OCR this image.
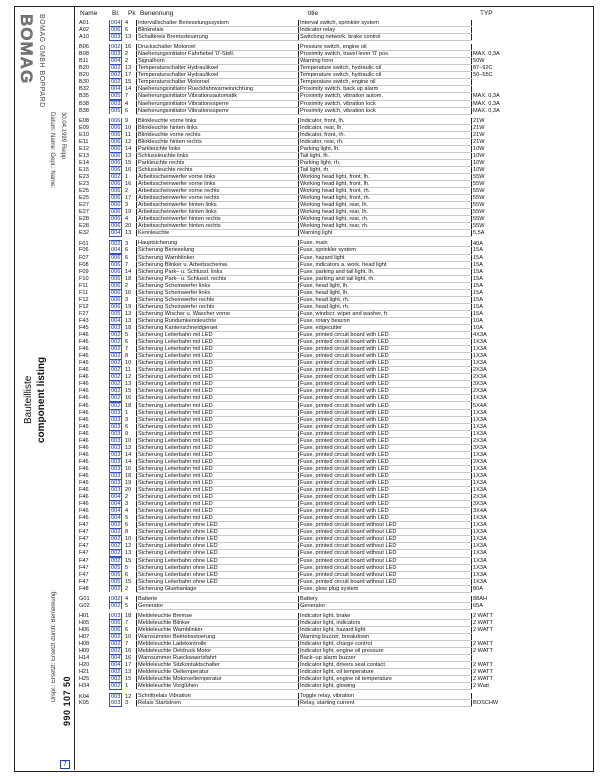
BOMAG BOMAG GMBH BOPPARD
Datum: Name: Gepr.: Name: 30.04.1999 Reipp
Bauteilliste component listing
Urspr.: Ersetzt: Ersetzt durch: Bemerkung: 990 107 50
7
Name Bl. Pk Benennung	title	TYP
A01	004	4	Intervallschalter Berieselungssystem	Interval switch, sprinkler system	
A02	006	6	Blinkrelais	Indicator relay	
A10	003	13	Schaltkreis Bremssteuerung	Switching network, brake control	

B06	002	16	Druckschalter Motoroel	Pressure switch, engine oil	
B08	003	2	Naeherungsinitiator Fahrhebel '0'-Stell.	Proximity switch, travel lever '0' pos.	MAX. 0,3A
B11	004	2	Signalhorn	Warning horn	50W
B20	002	13	Temperaturschalter Hydraulikoel	Temperature switch, hydraulic oil	87–92C
B20	002	17	Temperaturschalter Hydraulikoel	Temperature switch, hydraulic oil	50–55C
B30	002	15	Temperaturschalter Motoroel	Temperature switch, engine oil	
B32	004	14	Naeherungsinitiator Rueckfahrwarneinrichtung	Proximity switch, back up alarm	
B35	005	7	Naeherungsinitiator Vibrationsautomatik	Proximity switch, vibration autom.	MAX. 0,3A
B38	003	4	Naeherungsinitiator Vibrationssperre	Proximity switch, vibration lock	MAX. 0,3A
B38	005	6	Naeherungsinitiator Vibrationssperre	Proximity switch, vibration lock	MAX. 0,3A

E08	006	9	Blinkleuchte vorne links	Indicator, front, lh.	21W
E09	006	10	Blinkleuchte hinten links	Indicator, rear, lh.	21W
E10	006	11	Blinkleuchte vorne rechts	Indicator, front, rh.	21W
E11	006	12	Blinkleuchte hinten rechts	Indicator, rear, rh.	21W
E12	006	14	Parkleuchte links	Parking light, lh.	10W
E13	006	13	Schlussleuchte links	Tail light, lh.	10W
E14	006	15	Parkleuchte rechts	Parking light, rh.	10W
E15	006	16	Schlussleuchte rechts	Tail light, rh.	10W
E23	002	1	Arbeitsscheinwerfer vorne links	Working head light, front, lh.	55W
E23	006	16	Arbeitsscheinwerfer vorne links	Working head light, front, lh.	55W
E25	006	2	Arbeitsscheinwerfer vorne rechts	Working head light, front, rh.	55W
E25	006	17	Arbeitsscheinwerfer vorne rechts	Working head light, front, rh.	55W
E27	006	3	Arbeitsscheinwerfer hinten links	Working head light, rear, lh.	55W
E27	006	19	Arbeitsscheinwerfer hinten links	Working head light, rear, lh.	55W
E28	006	4	Arbeitsscheinwerfer hinten rechts	Working head light, rear, rh.	55W
E28	006	20	Arbeitsscheinwerfer hinten rechts	Working head light, rear, rh.	55W
E32	004	13	Kennleuchte	Warning light	5,5A

F01	002	3	Hauptsicherung	Fuse, main	40A
F06	004	6	Sicherung Berieselung	Fuse, sprinkler system	15A
F07	006	6	Sicherung Warnblinker	Fuse, hazard light	15A
F08	006	7	Sicherung Blinker u. Arbeitsscheinw.	Fuse, indicators a. work. head light	15A
F09	006	14	Sicherung Park– u. Schlussl. links	Fuse, parking and tail light, lh.	15A
F10	006	18	Sicherung Park– u. Schlussl. rechts	Fuse, parking and tail light, rh.	15A
F11	006	2	Sicherung Scheinwerfer links	Fuse, head light, lh.	15A
F11	006	16	Sicherung Scheinwerfer links	Fuse, head light, lh.	15A
F12	006	3	Sicherung Scheinwerfer rechts	Fuse, head light, rh.	15A
F12	006	19	Sicherung Scheinwerfer rechts	Fuse, head light, rh.	15A
F27	005	13	Sicherung Wischer u. Wascher vorne	Fuse, windscr. wiper and washer, fr.	15A
F43	004	13	Sicherung Rundumkennleuchte	Fuse, rotary beacon	10A
F45	003	18	Sicherung Kantenschneidgeraet	Fuse, edgecutter	10A
F46	002	5	Sicherung Leiterbahn mit LED	Fuse, printed circuit board with LED	4X3A
F46	002	6	Sicherung Leiterbahn mit LED	Fuse, printed circuit board with LED	1X3A
F46	002	7	Sicherung Leiterbahn mit LED	Fuse, printed circuit board with LED	1X3A
F46	002	8	Sicherung Leiterbahn mit LED	Fuse, printed circuit board with LED	1X3A
F46	002	10	Sicherung Leiterbahn mit LED	Fuse, printed circuit board with LED	1X3A
F46	002	11	Sicherung Leiterbahn mit LED	Fuse, printed circuit board with LED	2X3A
F46	002	12	Sicherung Leiterbahn mit LED	Fuse, printed circuit board with LED	2X3A
F46	002	13	Sicherung Leiterbahn mit LED	Fuse, printed circuit board with LED	3X3A
F46	002	15	Sicherung Leiterbahn mit LED	Fuse, printed circuit board with LED	2X3A
F46	002	16	Sicherung Leiterbahn mit LED	Fuse, printed circuit board with LED	1X3A
F46	002	18	Sicherung Leiterbahn mit LED	Fuse, printed circuit board with LED	5X4A
F46	003	1	Sicherung Leiterbahn mit LED	Fuse, printed circuit board with LED	1X3A
F46	003	3	Sicherung Leiterbahn mit LED	Fuse, printed circuit board with LED	1X3A
F46	003	6	Sicherung Leiterbahn mit LED	Fuse, printed circuit board with LED	1X3A
F46	003	9	Sicherung Leiterbahn mit LED	Fuse, printed circuit board with LED	1X3A
F46	003	10	Sicherung Leiterbahn mit LED	Fuse, printed circuit board with LED	2X3A
F46	003	13	Sicherung Leiterbahn mit LED	Fuse, printed circuit board with LED	3X3A
F46	003	14	Sicherung Leiterbahn mit LED	Fuse, printed circuit board with LED	1X3A
F46	003	14	Sicherung Leiterbahn mit LED	Fuse, printed circuit board with LED	2X3A
F46	003	16	Sicherung Leiterbahn mit LED	Fuse, printed circuit board with LED	1X3A
F46	003	18	Sicherung Leiterbahn mit LED	Fuse, printed circuit board with LED	1X3A
F46	003	19	Sicherung Leiterbahn mit LED	Fuse, printed circuit board with LED	1X3A
F46	003	20	Sicherung Leiterbahn mit LED	Fuse, printed circuit board with LED	1X3A
F46	004	2	Sicherung Leiterbahn mit LED	Fuse, printed circuit board with LED	2X3A
F46	004	3	Sicherung Leiterbahn mit LED	Fuse, printed circuit board with LED	3X3A
F46	004	4	Sicherung Leiterbahn mit LED	Fuse, printed circuit board with LED	3X4A
F46	004	5	Sicherung Leiterbahn mit LED	Fuse, printed circuit board with LED	1X3A
F47	002	6	Sicherung Leiterbahn ohne LED	Fuse, printed circuit board without LED	1X3A
F47	002	8	Sicherung Leiterbahn ohne LED	Fuse, printed circuit board without LED	1X3A
F47	002	10	Sicherung Leiterbahn ohne LED	Fuse, printed circuit board without LED	1X3A
F47	002	12	Sicherung Leiterbahn ohne LED	Fuse, printed circuit board without LED	1X3A
F47	002	13	Sicherung Leiterbahn ohne LED	Fuse, printed circuit board without LED	1X3A
F47	002	15	Sicherung Leiterbahn ohne LED	Fuse, printed circuit board without LED	1X3A
F47	005	5	Sicherung Leiterbahn ohne LED	Fuse, printed circuit board without LED	1X3A
F47	005	6	Sicherung Leiterbahn ohne LED	Fuse, printed circuit board without LED	1X3A
F47	005	15	Sicherung Leiterbahn ohne LED	Fuse, printed circuit board without LED	1X3A
F48	002	2	Sicherung Gluehanlage	Fuse, glow plug system	80A

G01	002	4	Batterie	Battery	88AH
G02	002	5	Generator	Generator	65A

H01	003	18	Meldeleuchte Bremse	Indicator light, brake	2 WATT
H05	006	7	Meldeleuchte Blinker	Indicator light, indicators	2 WATT
H06	006	6	Meldeleuchte Warnblinker	Indicator light, hazard light	2 WATT
H07	002	10	Warnsummer Betriebsstoerung	Warning buzzer, breakdown	
H08	002	7	Meldeleuchte Ladekontrolle	Indicator light, charge control	2 WATT
H09	002	16	Meldeleuchte Oeldruck Motor	Indicator light, engine oil pressure	2 WATT
H14	004	16	Warnsummer Rueckwaertsfahrt	Back–up alarm buzzer	
H20	004	17	Meldeleuchte Sitzkontaktschalter	Indicator light, drivers seat contact	2 WATT
H21	002	13	Meldeleuchte Oeltemperatur	Indicator light, oil temperature	2 WATT
H25	002	15	Meldeleuchte Motoroeltemperatur	Indicator light, engine oil temperature	2 WATT
H34	002	1	Meldeleuchte Vorglühen	Indicator light, glowing	2 Watt

K04	003	12	Schrittrelais Vibration	Toggle relay, vibration	
K05	003	3	Relais Startstrom	Relay, starting current	BOSCHW
